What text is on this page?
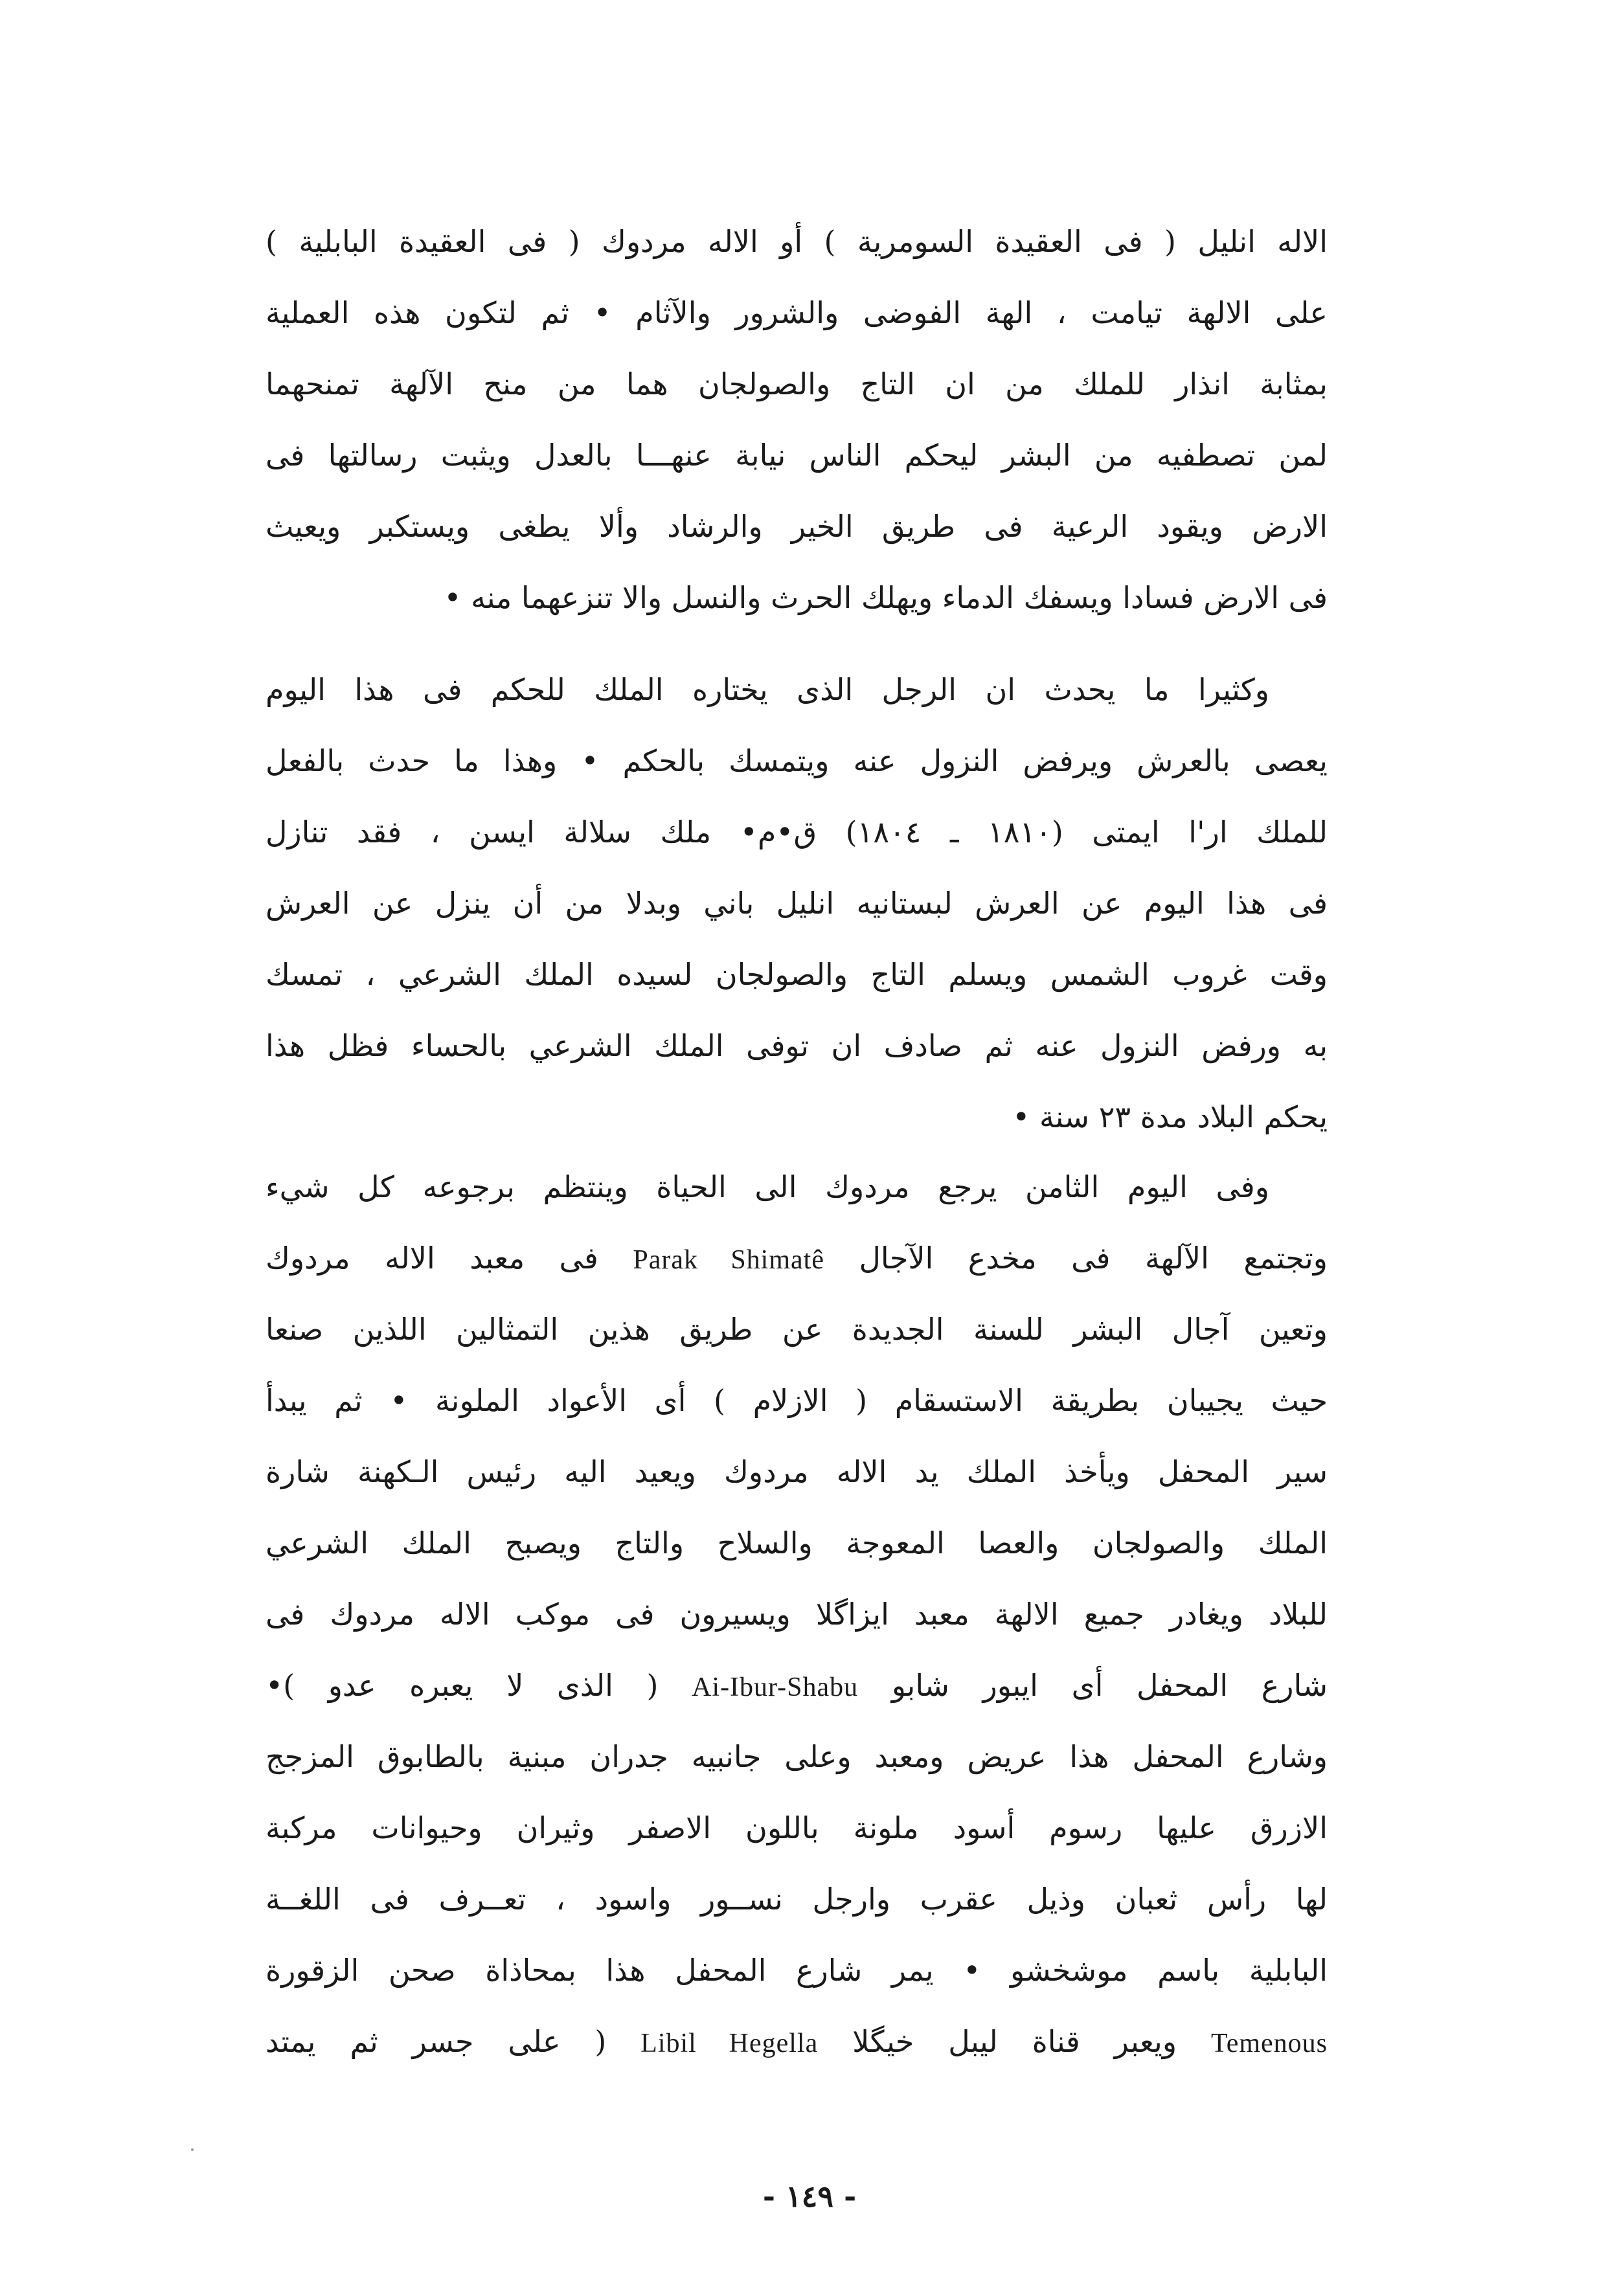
الاله انليل ( فى العقيدة السومرية ) أو الاله مردوك ( فى العقيدة البابلية )
على الالهة تيامت ، الهة الفوضى والشرور والآثام • ثم لتكون هذه العملية
بمثابة انذار للملك من ان التاج والصولجان هما من منح الآلهة تمنحهما
لمن تصطفيه من البشر ليحكم الناس نيابة عنهـــا بالعدل ويثبت رسالتها فى
الارض ويقود الرعية فى طريق الخير والرشاد وألا يطغى ويستكبر ويعيث
فى الارض فسادا ويسفك الدماء ويهلك الحرث والنسل والا تنزعهما منه •
وكثيرا ما يحدث ان الرجل الذى يختاره الملك للحكم فى هذا اليوم
يعصى بالعرش ويرفض النزول عنه ويتمسك بالحكم • وهذا ما حدث بالفعل
للملك ار'ا ايمتى (١٨١٠ ـ ١٨٠٤) ق•م• ملك سلالة ايسن ، فقد تنازل
فى هذا اليوم عن العرش لبستانيه انليل باني وبدلا من أن ينزل عن العرش
وقت غروب الشمس ويسلم التاج والصولجان لسيده الملك الشرعي ، تمسك
به ورفض النزول عنه ثم صادف ان توفى الملك الشرعي بالحساء فظل هذا
يحكم البلاد مدة ٢٣ سنة •
وفى اليوم الثامن يرجع مردوك الى الحياة وينتظم برجوعه كل شيء
وتجتمع الآلهة فى مخدع الآجال Parak Shimatê فى معبد الاله مردوك
وتعين آجال البشر للسنة الجديدة عن طريق هذين التمثالين اللذين صنعا
حيث يجيبان بطريقة الاستسقام ( الازلام ) أى الأعواد الملونة • ثم يبدأ
سير المحفل ويأخذ الملك يد الاله مردوك ويعيد اليه رئيس الـكهنة شارة
الملك والصولجان والعصا المعوجة والسلاح والتاج ويصبح الملك الشرعي
للبلاد ويغادر جميع الالهة معبد ايزاگلا ويسيرون فى موكب الاله مردوك فى
شارع المحفل أى ايبور شابو Ai-Ibur-Shabu ( الذى لا يعبره عدو )•
وشارع المحفل هذا عريض ومعبد وعلى جانبيه جدران مبنية بالطابوق المزجج
الازرق عليها رسوم أسود ملونة باللون الاصفر وثيران وحيوانات مركبة
لها رأس ثعبان وذيل عقرب وارجل نســور واسود ، تعــرف فى اللغــة
البابلية باسم موشخشو • يمر شارع المحفل هذا بمحاذاة صحن الزقورة
Temenous ويعبر قناة ليبل خيگلا Libil Hegella ( على جسر ثم يمتد
- ١٤٩ -
